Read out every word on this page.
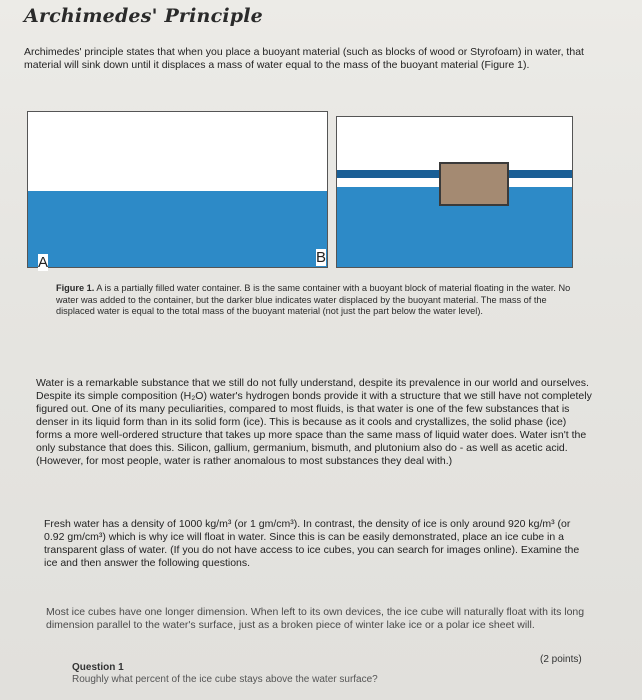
Archimedes' Principle
Archimedes' principle states that when you place a buoyant material (such as blocks of wood or Styrofoam) in water, that material will sink down until it displaces a mass of water equal to the mass of the buoyant material (Figure 1).
A
displaced water
B
Figure 1. A is a partially filled water container. B is the same container with a buoyant block of material floating in the water. No water was added to the container, but the darker blue indicates water displaced by the buoyant material. The mass of the displaced water is equal to the total mass of the buoyant material (not just the part below the water level).
Water is a remarkable substance that we still do not fully understand, despite its prevalence in our world and ourselves. Despite its simple composition (H₂O) water's hydrogen bonds provide it with a structure that we still have not completely figured out. One of its many peculiarities, compared to most fluids, is that water is one of the few substances that is denser in its liquid form than in its solid form (ice). This is because as it cools and crystallizes, the solid phase (ice) forms a more well-ordered structure that takes up more space than the same mass of liquid water does. Water isn't the only substance that does this. Silicon, gallium, germanium, bismuth, and plutonium also do - as well as acetic acid. (However, for most people, water is rather anomalous to most substances they deal with.)
Fresh water has a density of 1000 kg/m³ (or 1 gm/cm³). In contrast, the density of ice is only around 920 kg/m³ (or 0.92 gm/cm³) which is why ice will float in water. Since this is can be easily demonstrated, place an ice cube in a transparent glass of water. (If you do not have access to ice cubes, you can search for images online). Examine the ice and then answer the following questions.
Most ice cubes have one longer dimension. When left to its own devices, the ice cube will naturally float with its long dimension parallel to the water's surface, just as a broken piece of winter lake ice or a polar ice sheet will.
Question 1
(2 points)
Roughly what percent of the ice cube stays above the water surface?
